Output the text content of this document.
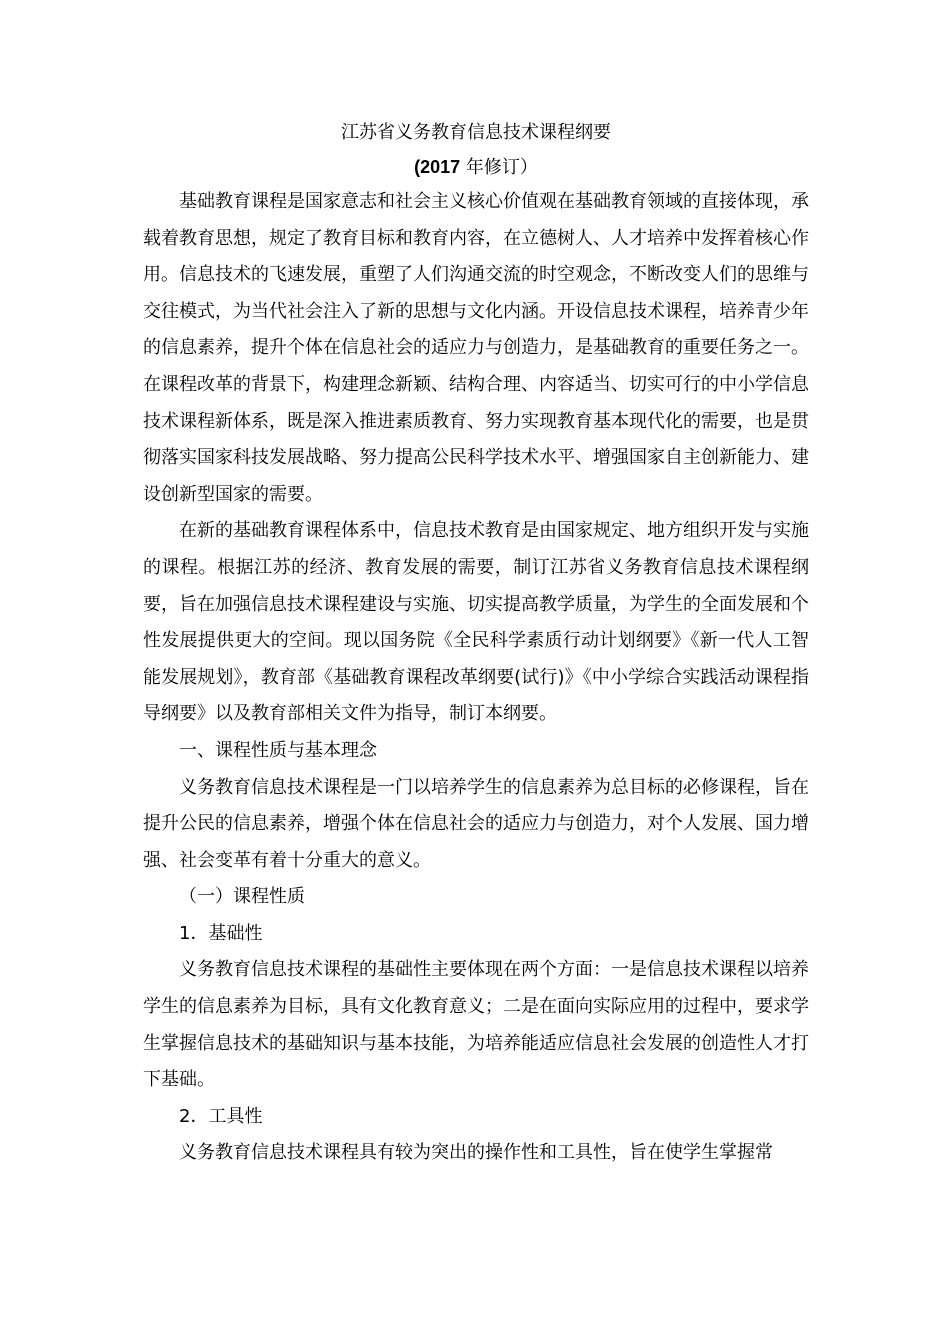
江苏省义务教育信息技术课程纲要
(2017 年修订）

基础教育课程是国家意志和社会主义核心价值观在基础教育领域的直接体现，承载着教育思想，规定了教育目标和教育内容，在立德树人、人才培养中发挥着核心作用。信息技术的飞速发展，重塑了人们沟通交流的时空观念，不断改变人们的思维与交往模式，为当代社会注入了新的思想与文化内涵。开设信息技术课程，培养青少年的信息素养，提升个体在信息社会的适应力与创造力，是基础教育的重要任务之一。在课程改革的背景下，构建理念新颖、结构合理、内容适当、切实可行的中小学信息技术课程新体系，既是深入推进素质教育、努力实现教育基本现代化的需要，也是贯彻落实国家科技发展战略、努力提高公民科学技术水平、增强国家自主创新能力、建设创新型国家的需要。

在新的基础教育课程体系中，信息技术教育是由国家规定、地方组织开发与实施的课程。根据江苏的经济、教育发展的需要，制订江苏省义务教育信息技术课程纲要，旨在加强信息技术课程建设与实施、切实提高教学质量，为学生的全面发展和个性发展提供更大的空间。现以国务院《全民科学素质行动计划纲要》《新一代人工智能发展规划》，教育部《基础教育课程改革纲要(试行)》《中小学综合实践活动课程指导纲要》以及教育部相关文件为指导，制订本纲要。

一、课程性质与基本理念

义务教育信息技术课程是一门以培养学生的信息素养为总目标的必修课程，旨在提升公民的信息素养，增强个体在信息社会的适应力与创造力，对个人发展、国力增强、社会变革有着十分重大的意义。

（一）课程性质
1．基础性

义务教育信息技术课程的基础性主要体现在两个方面：一是信息技术课程以培养学生的信息素养为目标，具有文化教育意义；二是在面向实际应用的过程中，要求学生掌握信息技术的基础知识与基本技能，为培养能适应信息社会发展的创造性人才打下基础。

2．工具性

义务教育信息技术课程具有较为突出的操作性和工具性，旨在使学生掌握常
